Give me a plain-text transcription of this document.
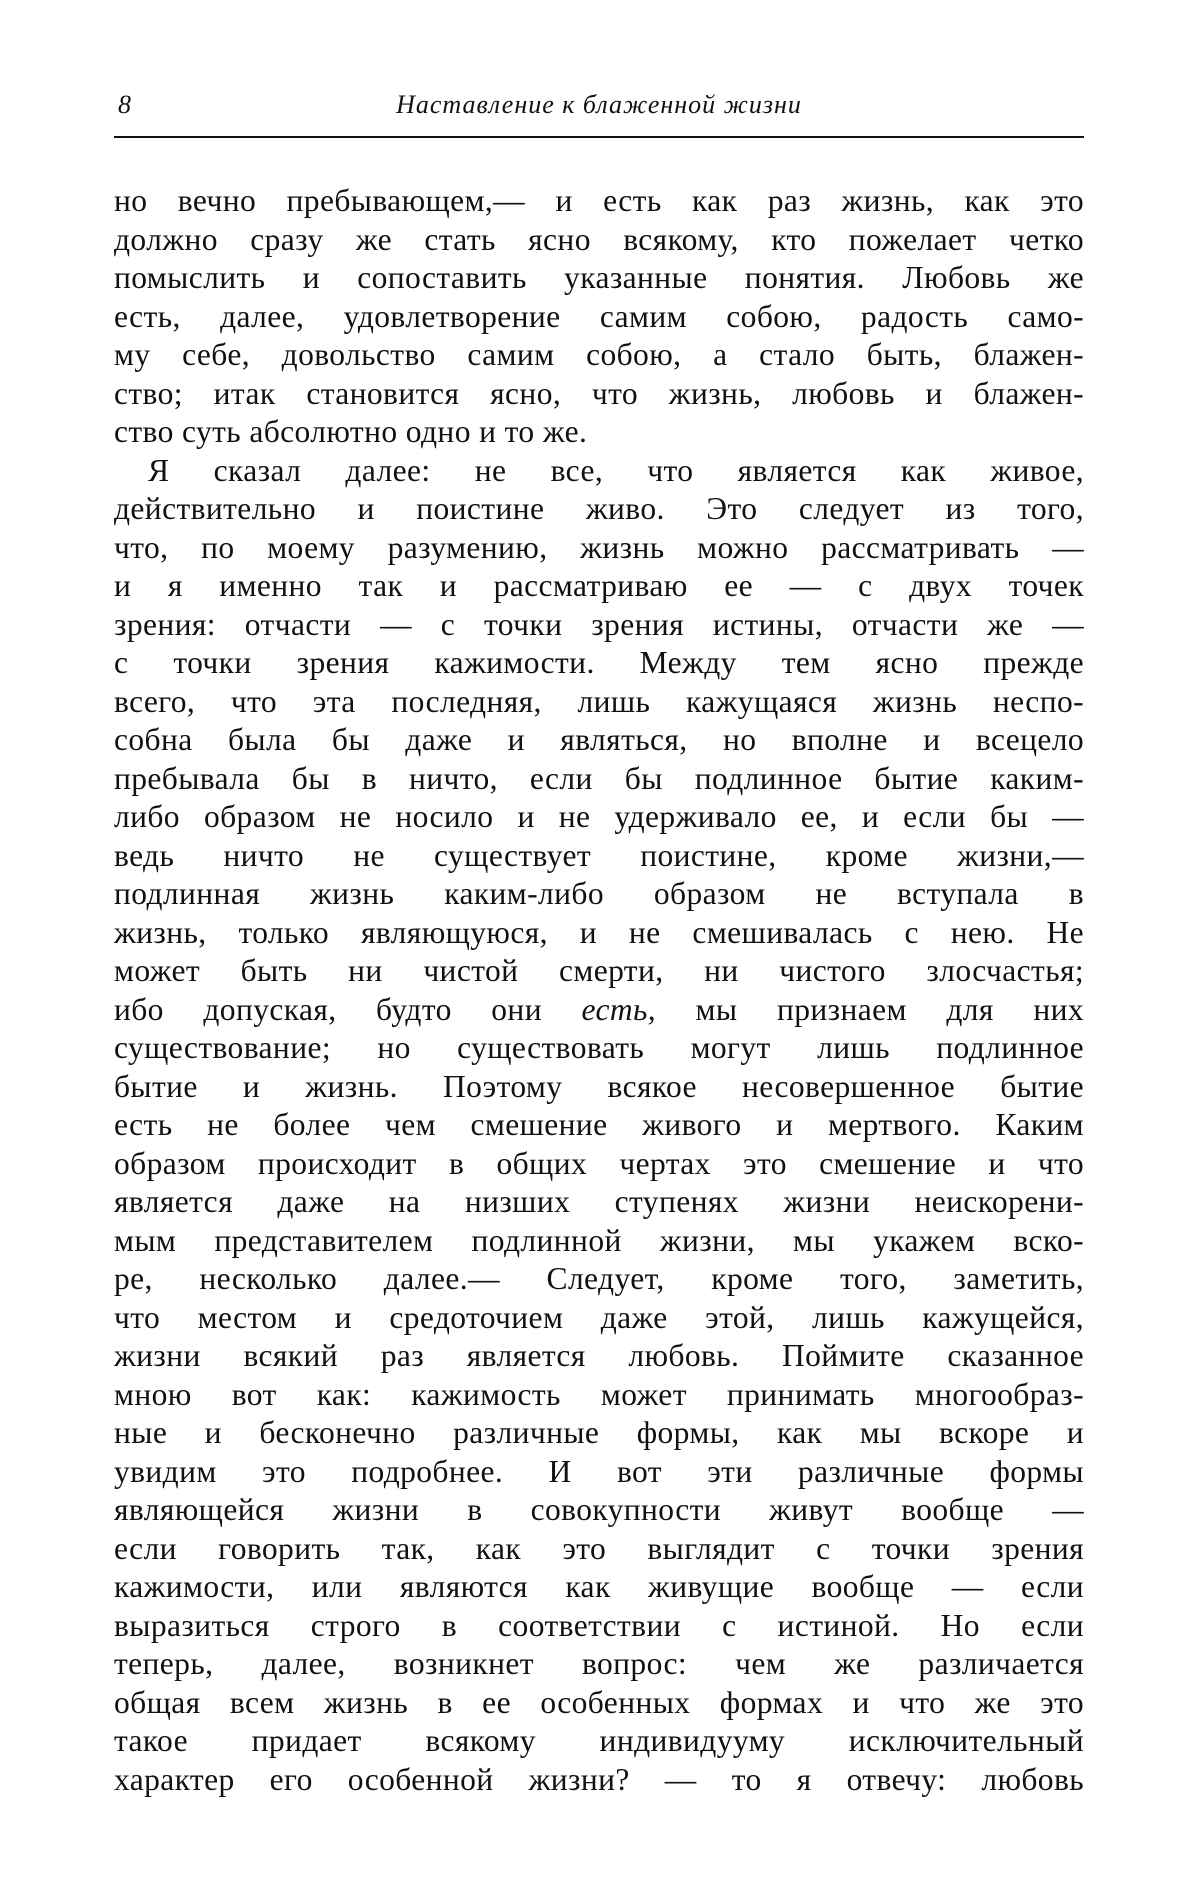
8	Наставление к блаженной жизни
но вечно пребывающем,— и есть как раз жизнь, как это
должно сразу же стать ясно всякому, кто пожелает четко
помыслить и сопоставить указанные понятия. Любовь же
есть, далее, удовлетворение самим собою, радость само-
му себе, довольство самим собою, а стало быть, блажен-
ство; итак становится ясно, что жизнь, любовь и блажен-
ство суть абсолютно одно и то же.
Я сказал далее: не все, что является как живое,
действительно и поистине живо. Это следует из того,
что, по моему разумению, жизнь можно рассматривать —
и я именно так и рассматриваю ее — с двух точек
зрения: отчасти — с точки зрения истины, отчасти же —
с точки зрения кажимости. Между тем ясно прежде
всего, что эта последняя, лишь кажущаяся жизнь неспо-
собна была бы даже и являться, но вполне и всецело
пребывала бы в ничто, если бы подлинное бытие каким-
либо образом не носило и не удерживало ее, и если бы —
ведь ничто не существует поистине, кроме жизни,—
подлинная жизнь каким-либо образом не вступала в
жизнь, только являющуюся, и не смешивалась с нею. Не
может быть ни чистой смерти, ни чистого злосчастья;
ибо допуская, будто они есть, мы признаем для них
существование; но существовать могут лишь подлинное
бытие и жизнь. Поэтому всякое несовершенное бытие
есть не более чем смешение живого и мертвого. Каким
образом происходит в общих чертах это смешение и что
является даже на низших ступенях жизни неискорени-
мым представителем подлинной жизни, мы укажем вско-
ре, несколько далее.— Следует, кроме того, заметить,
что местом и средоточием даже этой, лишь кажущейся,
жизни всякий раз является любовь. Поймите сказанное
мною вот как: кажимость может принимать многообраз-
ные и бесконечно различные формы, как мы вскоре и
увидим это подробнее. И вот эти различные формы
являющейся жизни в совокупности живут вообще —
если говорить так, как это выглядит с точки зрения
кажимости, или являются как живущие вообще — если
выразиться строго в соответствии с истиной. Но если
теперь, далее, возникнет вопрос: чем же различается
общая всем жизнь в ее особенных формах и что же это
такое придает всякому индивидууму исключительный
характер его особенной жизни? — то я отвечу: любовь
